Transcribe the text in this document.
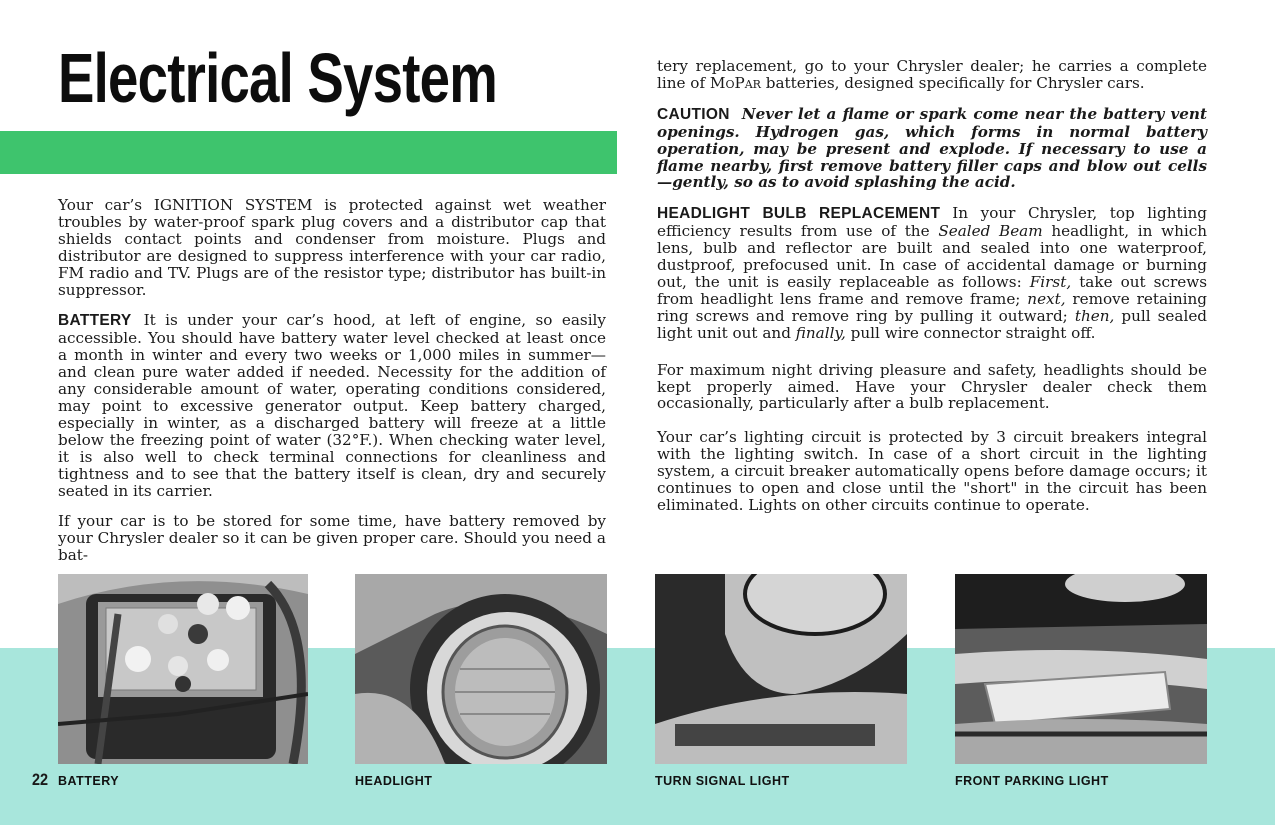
Electrical System

Your car’s IGNITION SYSTEM is protected against wet weather troubles by water-proof spark plug covers and a distributor cap that shields contact points and condenser from moisture. Plugs and distributor are designed to suppress interference with your car radio, FM radio and TV. Plugs are of the resistor type; distributor has built-in suppressor.

BATTERY It is under your car’s hood, at left of engine, so easily accessible. You should have battery water level checked at least once a month in winter and every two weeks or 1,000 miles in summer—and clean pure water added if needed. Necessity for the addition of any considerable amount of water, operating conditions considered, may point to excessive generator output. Keep battery charged, especially in winter, as a discharged battery will freeze at a little below the freezing point of water (32°F.). When checking water level, it is also well to check terminal connections for cleanliness and tightness and to see that the battery itself is clean, dry and securely seated in its carrier.

If your car is to be stored for some time, have battery removed by your Chrysler dealer so it can be given proper care. Should you need a bat-

tery replacement, go to your Chrysler dealer; he carries a complete line of MoPar batteries, designed specifically for Chrysler cars.

CAUTION Never let a flame or spark come near the battery vent openings. Hydrogen gas, which forms in normal battery operation, may be present and explode. If necessary to use a flame nearby, first remove battery filler caps and blow out cells—gently, so as to avoid splashing the acid.

HEADLIGHT BULB REPLACEMENT In your Chrysler, top lighting efficiency results from use of the Sealed Beam headlight, in which lens, bulb and reflector are built and sealed into one waterproof, dustproof, prefocused unit. In case of accidental damage or burning out, the unit is easily replaceable as follows: First, take out screws from headlight lens frame and remove frame; next, remove retaining ring screws and remove ring by pulling it outward; then, pull sealed light unit out and finally, pull wire connector straight off.

For maximum night driving pleasure and safety, headlights should be kept properly aimed. Have your Chrysler dealer check them occasionally, particularly after a bulb replacement.

Your car’s lighting circuit is protected by 3 circuit breakers integral with the lighting switch. In case of a short circuit in the lighting system, a circuit breaker automatically opens before damage occurs; it continues to open and close until the "short" in the circuit has been eliminated. Lights on other circuits continue to operate.

BATTERY	HEADLIGHT	TURN SIGNAL LIGHT	FRONT PARKING LIGHT
22
